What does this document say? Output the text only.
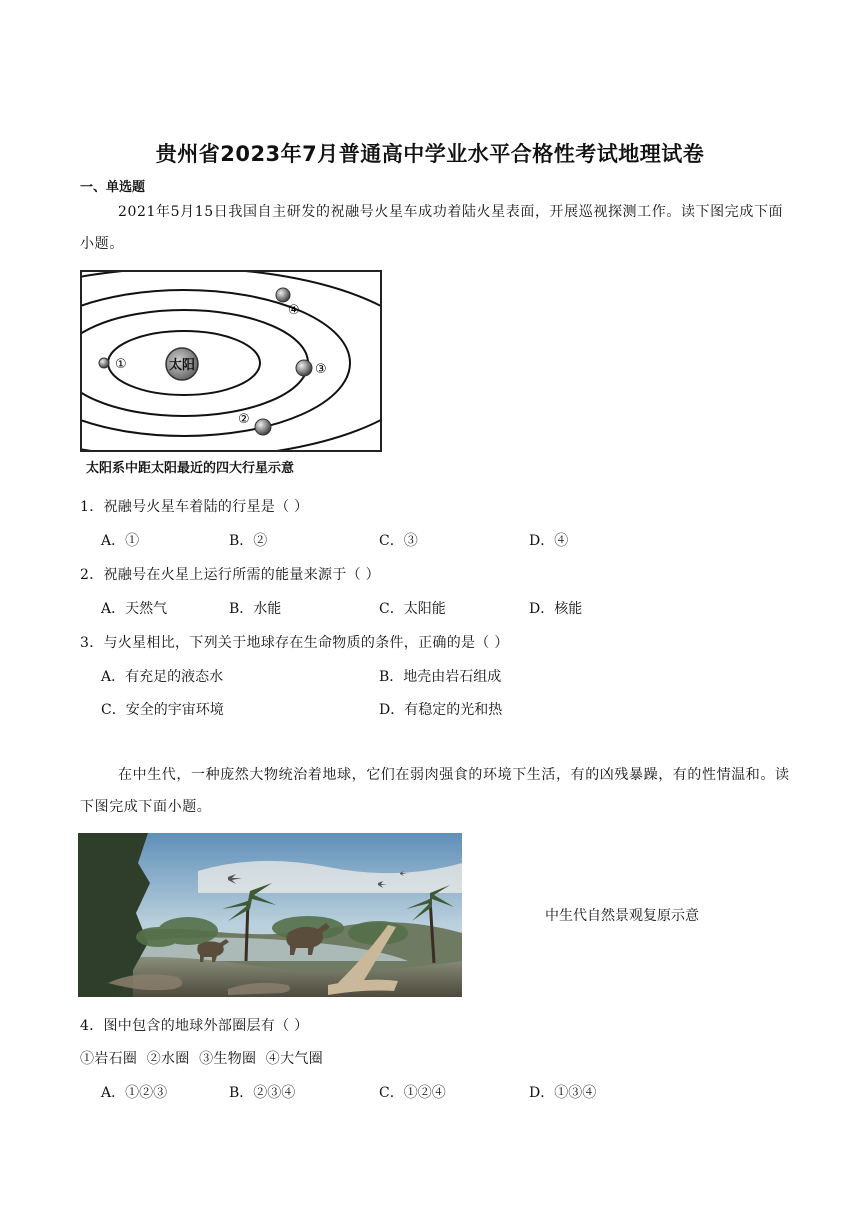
贵州省2023年7月普通高中学业水平合格性考试地理试卷
一、单选题
2021年5月15日我国自主研发的祝融号火星车成功着陆火星表面，开展巡视探测工作。读下图完成下面小题。
太阳
①
②
③
④
太阳系中距太阳最近的四大行星示意
1．祝融号火星车着陆的行星是（ ）
A．①	B．②	C．③	D．④
2．祝融号在火星上运行所需的能量来源于（ ）
A．天然气	B．水能	C．太阳能	D．核能
3．与火星相比，下列关于地球存在生命物质的条件，正确的是（ ）
A．有充足的液态水	B．地壳由岩石组成
C．安全的宇宙环境	D．有稳定的光和热
在中生代，一种庞然大物统治着地球，它们在弱肉强食的环境下生活，有的凶残暴躁，有的性情温和。读下图完成下面小题。
中生代自然景观复原示意
4．图中包含的地球外部圈层有（ ）
①岩石圈  ②水圈  ③生物圈  ④大气圈
A．①②③	B．②③④	C．①②④	D．①③④
